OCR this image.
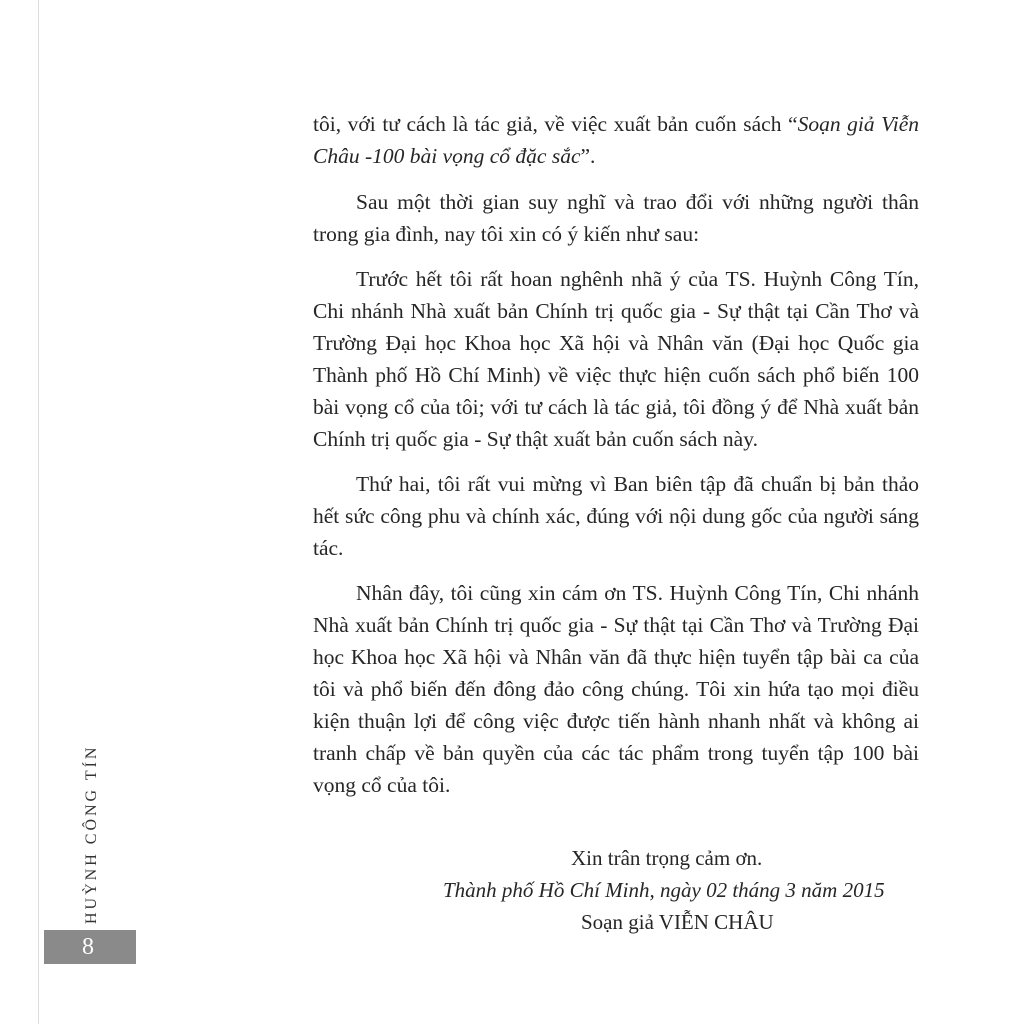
tôi, với tư cách là tác giả, về việc xuất bản cuốn sách “Soạn giả Viễn Châu -100 bài vọng cổ đặc sắc”.

Sau một thời gian suy nghĩ và trao đổi với những người thân trong gia đình, nay tôi xin có ý kiến như sau:

Trước hết tôi rất hoan nghênh nhã ý của TS. Huỳnh Công Tín, Chi nhánh Nhà xuất bản Chính trị quốc gia - Sự thật tại Cần Thơ và Trường Đại học Khoa học Xã hội và Nhân văn (Đại học Quốc gia Thành phố Hồ Chí Minh) về việc thực hiện cuốn sách phổ biến 100 bài vọng cổ của tôi; với tư cách là tác giả, tôi đồng ý để Nhà xuất bản Chính trị quốc gia - Sự thật xuất bản cuốn sách này.

Thứ hai, tôi rất vui mừng vì Ban biên tập đã chuẩn bị bản thảo hết sức công phu và chính xác, đúng với nội dung gốc của người sáng tác.

Nhân đây, tôi cũng xin cám ơn TS. Huỳnh Công Tín, Chi nhánh Nhà xuất bản Chính trị quốc gia - Sự thật tại Cần Thơ và Trường Đại học Khoa học Xã hội và Nhân văn đã thực hiện tuyển tập bài ca của tôi và phổ biến đến đông đảo công chúng. Tôi xin hứa tạo mọi điều kiện thuận lợi để công việc được tiến hành nhanh nhất và không ai tranh chấp về bản quyền của các tác phẩm trong tuyển tập 100 bài vọng cổ của tôi.

Xin trân trọng cảm ơn.
Thành phố Hồ Chí Minh, ngày 02 tháng 3 năm 2015
Soạn giả VIỄN CHÂU
HUỲNH CÔNG TÍN
8
